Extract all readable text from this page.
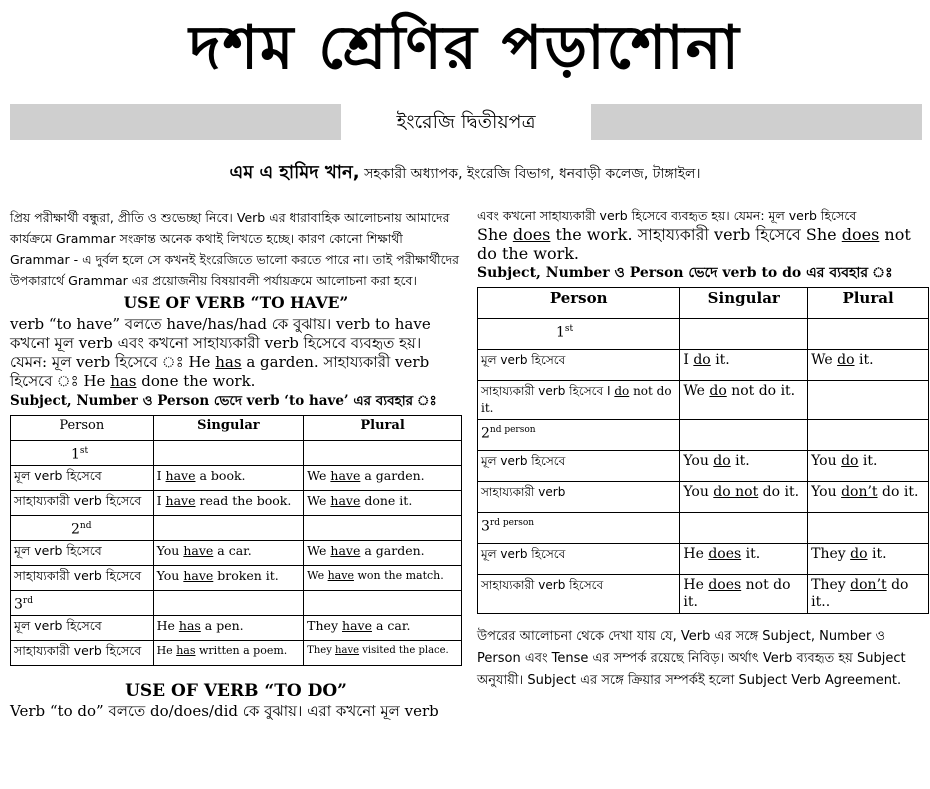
দশম শ্রেণির পড়াশোনা
ইংরেজি দ্বিতীয়পত্র
এম এ হামিদ খান, সহকারী অধ্যাপক, ইংরেজি বিভাগ, ধনবাড়ী কলেজ, টাঙ্গাইল।

প্রিয় পরীক্ষার্থী বন্ধুরা, প্রীতি ও শুভেচ্ছা নিবে। Verb এর ধারাবাহিক আলোচনায় আমাদের কার্যক্রমে Grammar সংক্রান্ত অনেক কথাই লিখতে হচ্ছে। কারণ কোনো শিক্ষার্থী Grammar - এ দুর্বল হলে সে কখনই ইংরেজিতে ভালো করতে পারে না। তাই পরীক্ষার্থীদের উপকারার্থে Grammar এর প্রয়োজনীয় বিষয়াবলী পর্যায়ক্রমে আলোচনা করা হবে।

USE OF VERB “TO HAVE”

verb “to have” বলতে have/has/had কে বুঝায়। verb to have কখনো মূল verb এবং কখনো সাহায্যকারী verb হিসেবে ব্যবহৃত হয়। যেমন: মূল verb হিসেবে ঃ He has a garden. সাহায্যকারী verb হিসেবে ঃ He has done the work.

Subject, Number ও Person ভেদে verb ‘to have’ এর ব্যবহার ঃ

Person	Singular	Plural
1st		
মূল verb হিসেবে	I have a book.	We have a garden.
সাহায্যকারী verb হিসেবে	I have read the book.	We have done it.
2nd		
মূল verb হিসেবে	You have a car.	We have a garden.
সাহায্যকারী verb হিসেবে	You have broken it.	We have won the match.
3rd		
মূল verb হিসেবে	He has a pen.	They have a car.
সাহায্যকারী verb হিসেবে	He has written a poem.	They have visited the place.
USE OF VERB “TO DO”

Verb “to do” বলতে do/does/did কে বুঝায়। এরা কখনো মূল verb

এবং কখনো সাহায্যকারী verb হিসেবে ব্যবহৃত হয়। যেমন: মূল verb হিসেবে

She does the work. সাহায্যকারী verb হিসেবে She does not do the work.

Subject, Number ও Person ভেদে verb to do এর ব্যবহার ঃ

Person	Singular	Plural
1st		
মূল verb হিসেবে	I do it.	We do it.
সাহায্যকারী verb হিসেবে I do not do it.	We do not do it.	
$2^{nd person}$		
মূল verb হিসেবে	You do it.	You do it.
সাহায্যকারী verb	You do not do it.	You don’t do it.
$3^{rd person}$		
মূল verb হিসেবে	He does it.	They do it.
সাহায্যকারী verb হিসেবে	He does not do it.	They don’t do it..

উপরের আলোচনা থেকে দেখা যায় যে, Verb এর সঙ্গে Subject, Number ও Person এবং Tense এর সম্পর্ক রয়েছে নিবিড়। অর্থাৎ Verb ব্যবহৃত হয় Subject অনুযায়ী। Subject এর সঙ্গে ক্রিয়ার সম্পর্কই হলো Subject Verb Agreement.
